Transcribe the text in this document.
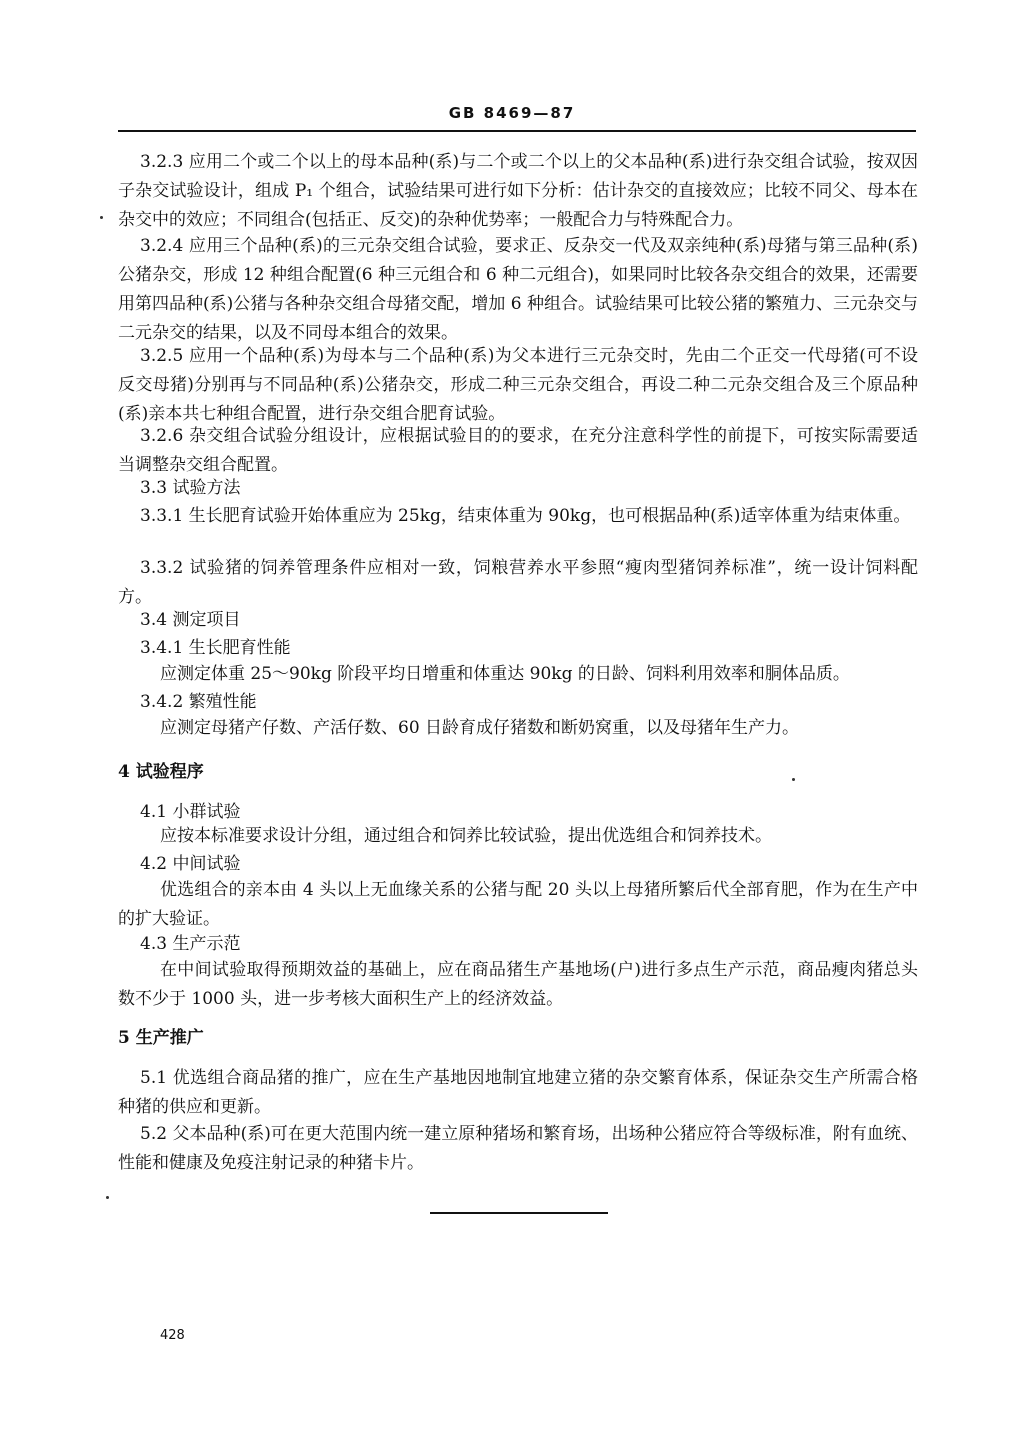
GB 8469—87

3.2.3 应用二个或二个以上的母本品种(系)与二个或二个以上的父本品种(系)进行杂交组合试验，按双因子杂交试验设计，组成 P₁ 个组合，试验结果可进行如下分析：估计杂交的直接效应；比较不同父、母本在杂交中的效应；不同组合(包括正、反交)的杂种优势率；一般配合力与特殊配合力。

3.2.4 应用三个品种(系)的三元杂交组合试验，要求正、反杂交一代及双亲纯种(系)母猪与第三品种(系)公猪杂交，形成 12 种组合配置(6 种三元组合和 6 种二元组合)，如果同时比较各杂交组合的效果，还需要用第四品种(系)公猪与各种杂交组合母猪交配，增加 6 种组合。试验结果可比较公猪的繁殖力、三元杂交与二元杂交的结果，以及不同母本组合的效果。

3.2.5 应用一个品种(系)为母本与二个品种(系)为父本进行三元杂交时，先由二个正交一代母猪(可不设反交母猪)分别再与不同品种(系)公猪杂交，形成二种三元杂交组合，再设二种二元杂交组合及三个原品种(系)亲本共七种组合配置，进行杂交组合肥育试验。

3.2.6 杂交组合试验分组设计，应根据试验目的的要求，在充分注意科学性的前提下，可按实际需要适当调整杂交组合配置。

3.3 试验方法

3.3.1 生长肥育试验开始体重应为 25kg，结束体重为 90kg，也可根据品种(系)适宰体重为结束体重。

3.3.2 试验猪的饲养管理条件应相对一致，饲粮营养水平参照“瘦肉型猪饲养标准”，统一设计饲料配方。

3.4 测定项目

3.4.1 生长肥育性能

应测定体重 25～90kg 阶段平均日增重和体重达 90kg 的日龄、饲料利用效率和胴体品质。

3.4.2 繁殖性能

应测定母猪产仔数、产活仔数、60 日龄育成仔猪数和断奶窝重，以及母猪年生产力。

4 试验程序

4.1 小群试验

应按本标准要求设计分组，通过组合和饲养比较试验，提出优选组合和饲养技术。

4.2 中间试验

优选组合的亲本由 4 头以上无血缘关系的公猪与配 20 头以上母猪所繁后代全部育肥，作为在生产中的扩大验证。

4.3 生产示范

在中间试验取得预期效益的基础上，应在商品猪生产基地场(户)进行多点生产示范，商品瘦肉猪总头数不少于 1000 头，进一步考核大面积生产上的经济效益。

5 生产推广

5.1 优选组合商品猪的推广，应在生产基地因地制宜地建立猪的杂交繁育体系，保证杂交生产所需合格种猪的供应和更新。

5.2 父本品种(系)可在更大范围内统一建立原种猪场和繁育场，出场种公猪应符合等级标准，附有血统、性能和健康及免疫注射记录的种猪卡片。

428
